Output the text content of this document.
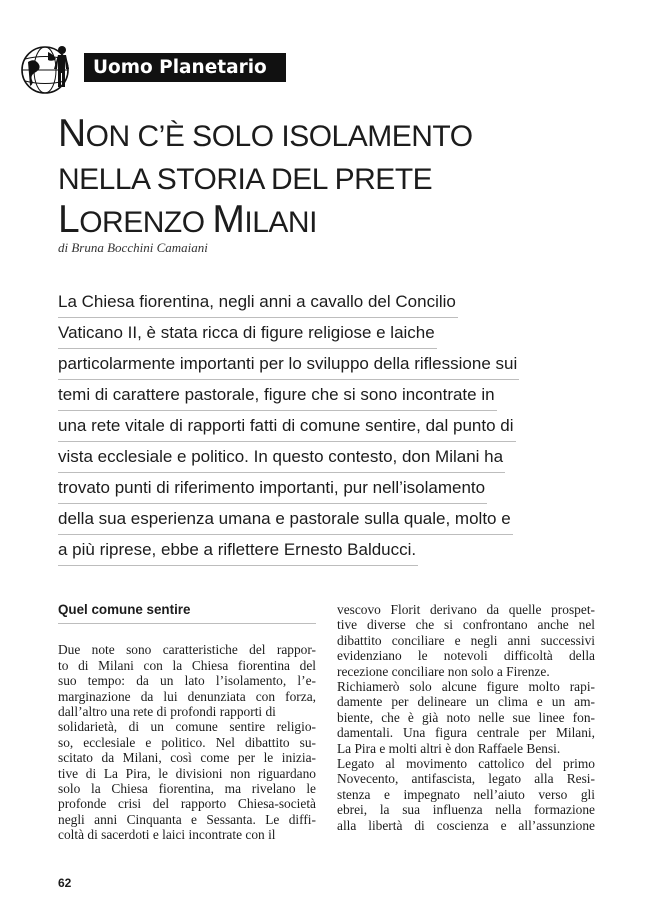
Uomo Planetario
NON C’È SOLO ISOLAMENTO
NELLA STORIA DEL PRETE
LORENZO MILANI
di Bruna Bocchini Camaiani
La Chiesa fiorentina, negli anni a cavallo del Concilio
Vaticano II, è stata ricca di figure religiose e laiche
particolarmente importanti per lo sviluppo della riflessione sui
temi di carattere pastorale, figure che si sono incontrate in
una rete vitale di rapporti fatti di comune sentire, dal punto di
vista ecclesiale e politico. In questo contesto, don Milani ha
trovato punti di riferimento importanti, pur nell’isolamento
della sua esperienza umana e pastorale sulla quale, molto e
a più riprese, ebbe a riflettere Ernesto Balducci.
Quel comune sentire
Due note sono caratteristiche del rappor-
to di Milani con la Chiesa fiorentina del
suo tempo: da un lato l’isolamento, l’e-
marginazione da lui denunziata con forza,
dall’altro una rete di profondi rapporti di
solidarietà, di un comune sentire religio-
so, ecclesiale e politico. Nel dibattito su-
scitato da Milani, così come per le inizia-
tive di La Pira, le divisioni non riguardano
solo la Chiesa fiorentina, ma rivelano le
profonde crisi del rapporto Chiesa-società
negli anni Cinquanta e Sessanta. Le diffi-
coltà di sacerdoti e laici incontrate con il
vescovo Florit derivano da quelle prospet-
tive diverse che si confrontano anche nel
dibattito conciliare e negli anni successivi
evidenziano le notevoli difficoltà della
recezione conciliare non solo a Firenze.
Richiamerò solo alcune figure molto rapi-
damente per delineare un clima e un am-
biente, che è già noto nelle sue linee fon-
damentali. Una figura centrale per Milani,
La Pira e molti altri è don Raffaele Bensi.
Legato al movimento cattolico del primo
Novecento, antifascista, legato alla Resi-
stenza e impegnato nell’aiuto verso gli
ebrei, la sua influenza nella formazione
alla libertà di coscienza e all’assunzione
62
